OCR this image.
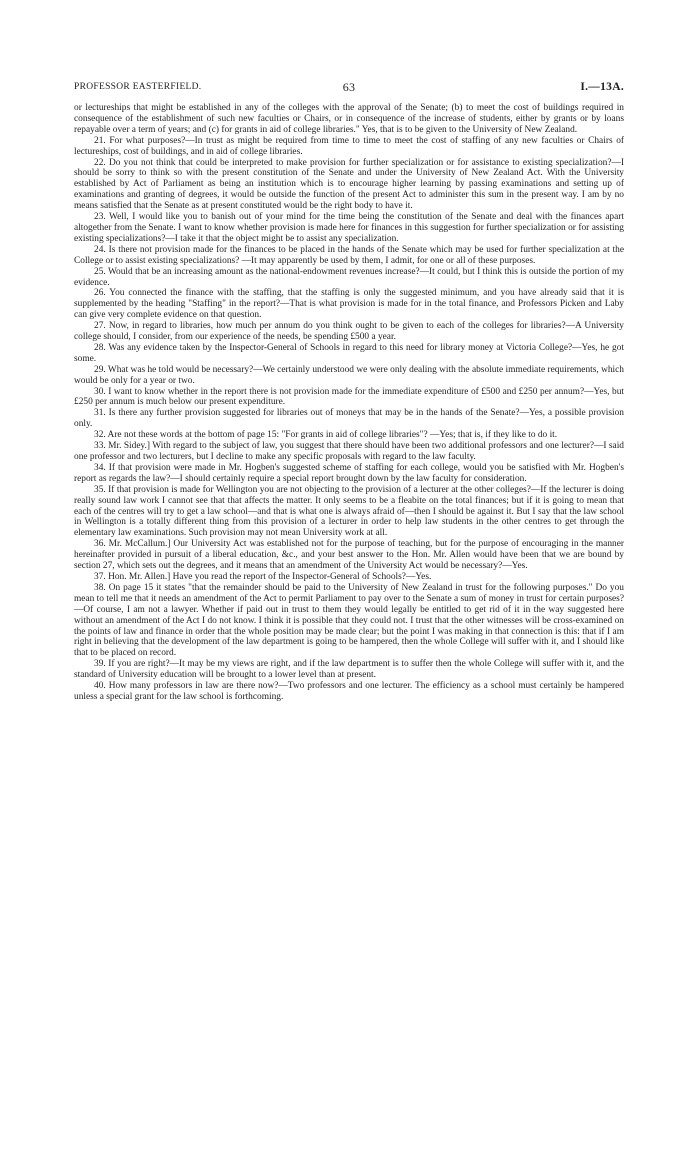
PROFESSOR EASTERFIELD.	63	I.—13A.

or lectureships that might be established in any of the colleges with the approval of the Senate; (b) to meet the cost of buildings required in consequence of the establishment of such new faculties or Chairs, or in consequence of the increase of students, either by grants or by loans repayable over a term of years; and (c) for grants in aid of college libraries." Yes, that is to be given to the University of New Zealand.

21. For what purposes?—In trust as might be required from time to time to meet the cost of staffing of any new faculties or Chairs of lectureships, cost of buildings, and in aid of college libraries.

22. Do you not think that could be interpreted to make provision for further specialization or for assistance to existing specialization?—I should be sorry to think so with the present constitution of the Senate and under the University of New Zealand Act. With the University established by Act of Parliament as being an institution which is to encourage higher learning by passing examinations and setting up of examinations and granting of degrees, it would be outside the function of the present Act to administer this sum in the present way. I am by no means satisfied that the Senate as at present constituted would be the right body to have it.

23. Well, I would like you to banish out of your mind for the time being the constitution of the Senate and deal with the finances apart altogether from the Senate. I want to know whether provision is made here for finances in this suggestion for further specialization or for assisting existing specializations?—I take it that the object might be to assist any specialization.

24. Is there not provision made for the finances to be placed in the hands of the Senate which may be used for further specialization at the College or to assist existing specializations? —It may apparently be used by them, I admit, for one or all of these purposes.

25. Would that be an increasing amount as the national-endowment revenues increase?—It could, but I think this is outside the portion of my evidence.

26. You connected the finance with the staffing, that the staffing is only the suggested minimum, and you have already said that it is supplemented by the heading "Staffing" in the report?—That is what provision is made for in the total finance, and Professors Picken and Laby can give very complete evidence on that question.

27. Now, in regard to libraries, how much per annum do you think ought to be given to each of the colleges for libraries?—A University college should, I consider, from our experience of the needs, be spending £500 a year.

28. Was any evidence taken by the Inspector-General of Schools in regard to this need for library money at Victoria College?—Yes, he got some.

29. What was he told would be necessary?—We certainly understood we were only dealing with the absolute immediate requirements, which would be only for a year or two.

30. I want to know whether in the report there is not provision made for the immediate expenditure of £500 and £250 per annum?—Yes, but £250 per annum is much below our present expenditure.

31. Is there any further provision suggested for libraries out of moneys that may be in the hands of the Senate?—Yes, a possible provision only.

32. Are not these words at the bottom of page 15: "For grants in aid of college libraries"? —Yes; that is, if they like to do it.

33. Mr. Sidey.] With regard to the subject of law, you suggest that there should have been two additional professors and one lecturer?—I said one professor and two lecturers, but I decline to make any specific proposals with regard to the law faculty.

34. If that provision were made in Mr. Hogben's suggested scheme of staffing for each college, would you be satisfied with Mr. Hogben's report as regards the law?—I should certainly require a special report brought down by the law faculty for consideration.

35. If that provision is made for Wellington you are not objecting to the provision of a lecturer at the other colleges?—If the lecturer is doing really sound law work I cannot see that that affects the matter. It only seems to be a fleabite on the total finances; but if it is going to mean that each of the centres will try to get a law school—and that is what one is always afraid of—then I should be against it. But I say that the law school in Wellington is a totally different thing from this provision of a lecturer in order to help law students in the other centres to get through the elementary law examinations. Such provision may not mean University work at all.

36. Mr. McCallum.] Our University Act was established not for the purpose of teaching, but for the purpose of encouraging in the manner hereinafter provided in pursuit of a liberal education, &c., and your best answer to the Hon. Mr. Allen would have been that we are bound by section 27, which sets out the degrees, and it means that an amendment of the University Act would be necessary?—Yes.

37. Hon. Mr. Allen.] Have you read the report of the Inspector-General of Schools?—Yes.

38. On page 15 it states "that the remainder should be paid to the University of New Zealand in trust for the following purposes." Do you mean to tell me that it needs an amendment of the Act to permit Parliament to pay over to the Senate a sum of money in trust for certain purposes?—Of course, I am not a lawyer. Whether if paid out in trust to them they would legally be entitled to get rid of it in the way suggested here without an amendment of the Act I do not know. I think it is possible that they could not. I trust that the other witnesses will be cross-examined on the points of law and finance in order that the whole position may be made clear; but the point I was making in that connection is this: that if I am right in believing that the development of the law department is going to be hampered, then the whole College will suffer with it, and I should like that to be placed on record.

39. If you are right?—It may be my views are right, and if the law department is to suffer then the whole College will suffer with it, and the standard of University education will be brought to a lower level than at present.

40. How many professors in law are there now?—Two professors and one lecturer. The efficiency as a school must certainly be hampered unless a special grant for the law school is forthcoming.
